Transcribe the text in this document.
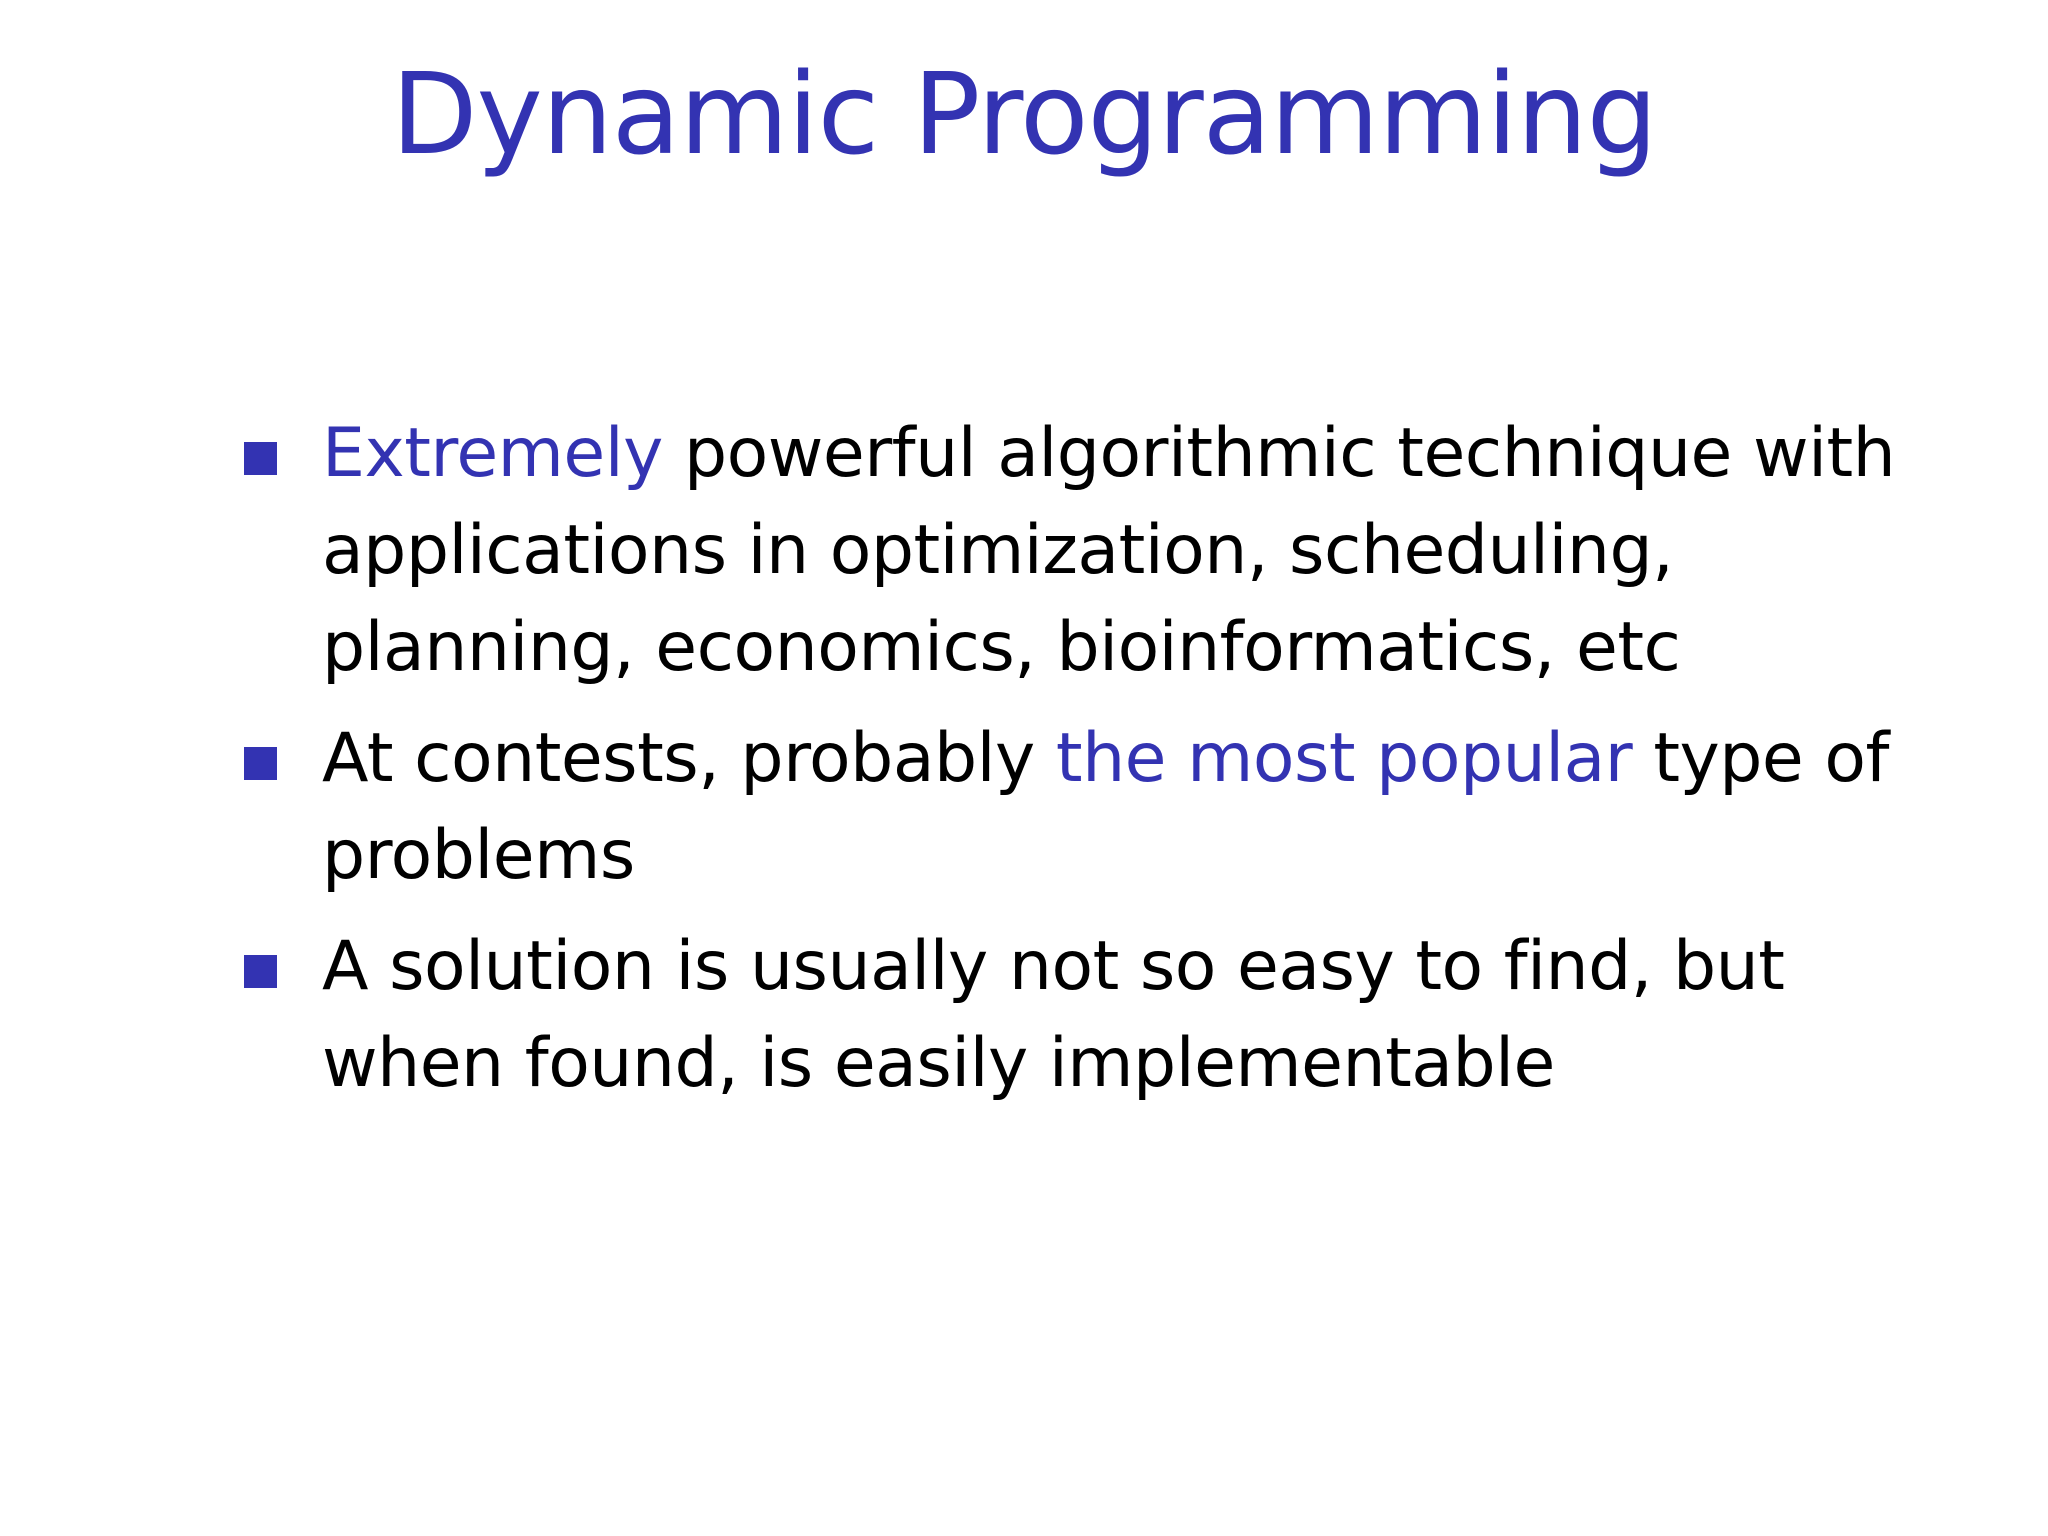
Dynamic Programming
Extremely powerful algorithmic technique with
applications in optimization, scheduling,
planning, economics, bioinformatics, etc
At contests, probably the most popular type of
problems
A solution is usually not so easy to find, but
when found, is easily implementable
